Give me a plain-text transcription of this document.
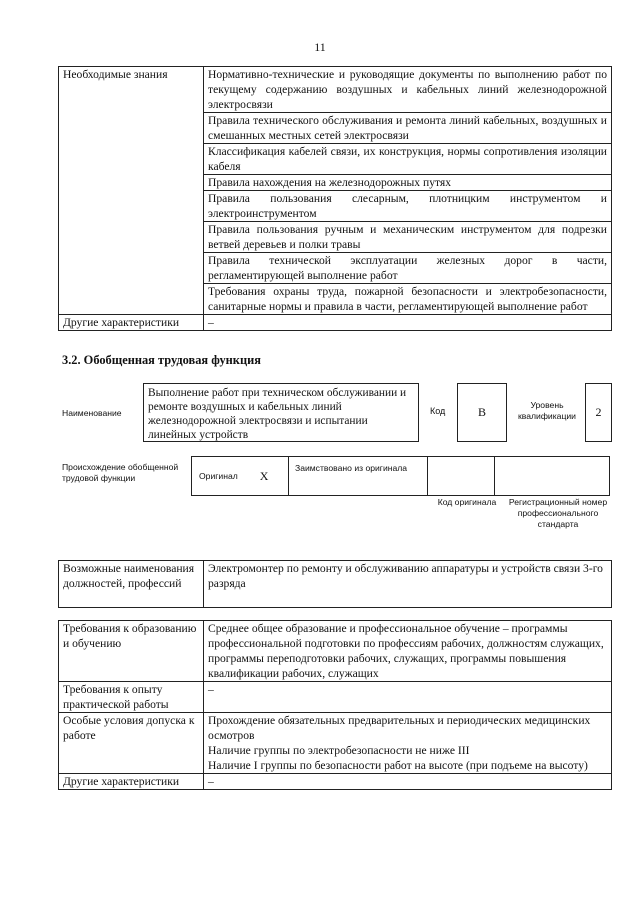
11
Необходимые знания	Нормативно-технические и руководящие документы по выполнению работ по текущему содержанию воздушных и кабельных линий железнодорожной электросвязи
	Правила технического обслуживания и ремонта линий кабельных, воздушных и смешанных местных сетей электросвязи
	Классификация кабелей связи, их конструкция, нормы сопротивления изоляции кабеля
	Правила нахождения на железнодорожных путях
	Правила пользования слесарным, плотницким инструментом и электроинструментом
	Правила пользования ручным и механическим инструментом для подрезки ветвей деревьев и полки травы
	Правила технической эксплуатации железных дорог в части, регламентирующей выполнение работ
	Требования охраны труда, пожарной безопасности и электробезопасности, санитарные нормы и правила в части, регламентирующей выполнение работ
Другие характеристики	–
3.2. Обобщенная трудовая функция
Наименование
Выполнение работ при техническом обслуживании и ремонте воздушных и кабельных линий железнодорожной электросвязи и испытании линейных устройств
Код	B	Уровень квалификации	2
Происхождение обобщенной трудовой функции	Оригинал X
Заимствовано из оригинала
Код оригинала	Регистрационный номер профессионального стандарта
Возможные наименования должностей, профессий	Электромонтер по ремонту и обслуживанию аппаратуры и устройств связи 3-го разряда
Требования к образованию и обучению	Среднее общее образование и профессиональное обучение – программы профессиональной подготовки по профессиям рабочих, должностям служащих, программы переподготовки рабочих, служащих, программы повышения квалификации рабочих, служащих
Требования к опыту практической работы	–
Особые условия допуска к работе	Прохождение обязательных предварительных и периодических медицинских осмотров

Наличие группы по электробезопасности не ниже III

Наличие I группы по безопасности работ на высоте (при подъеме на высоту)

Другие характеристики	–
